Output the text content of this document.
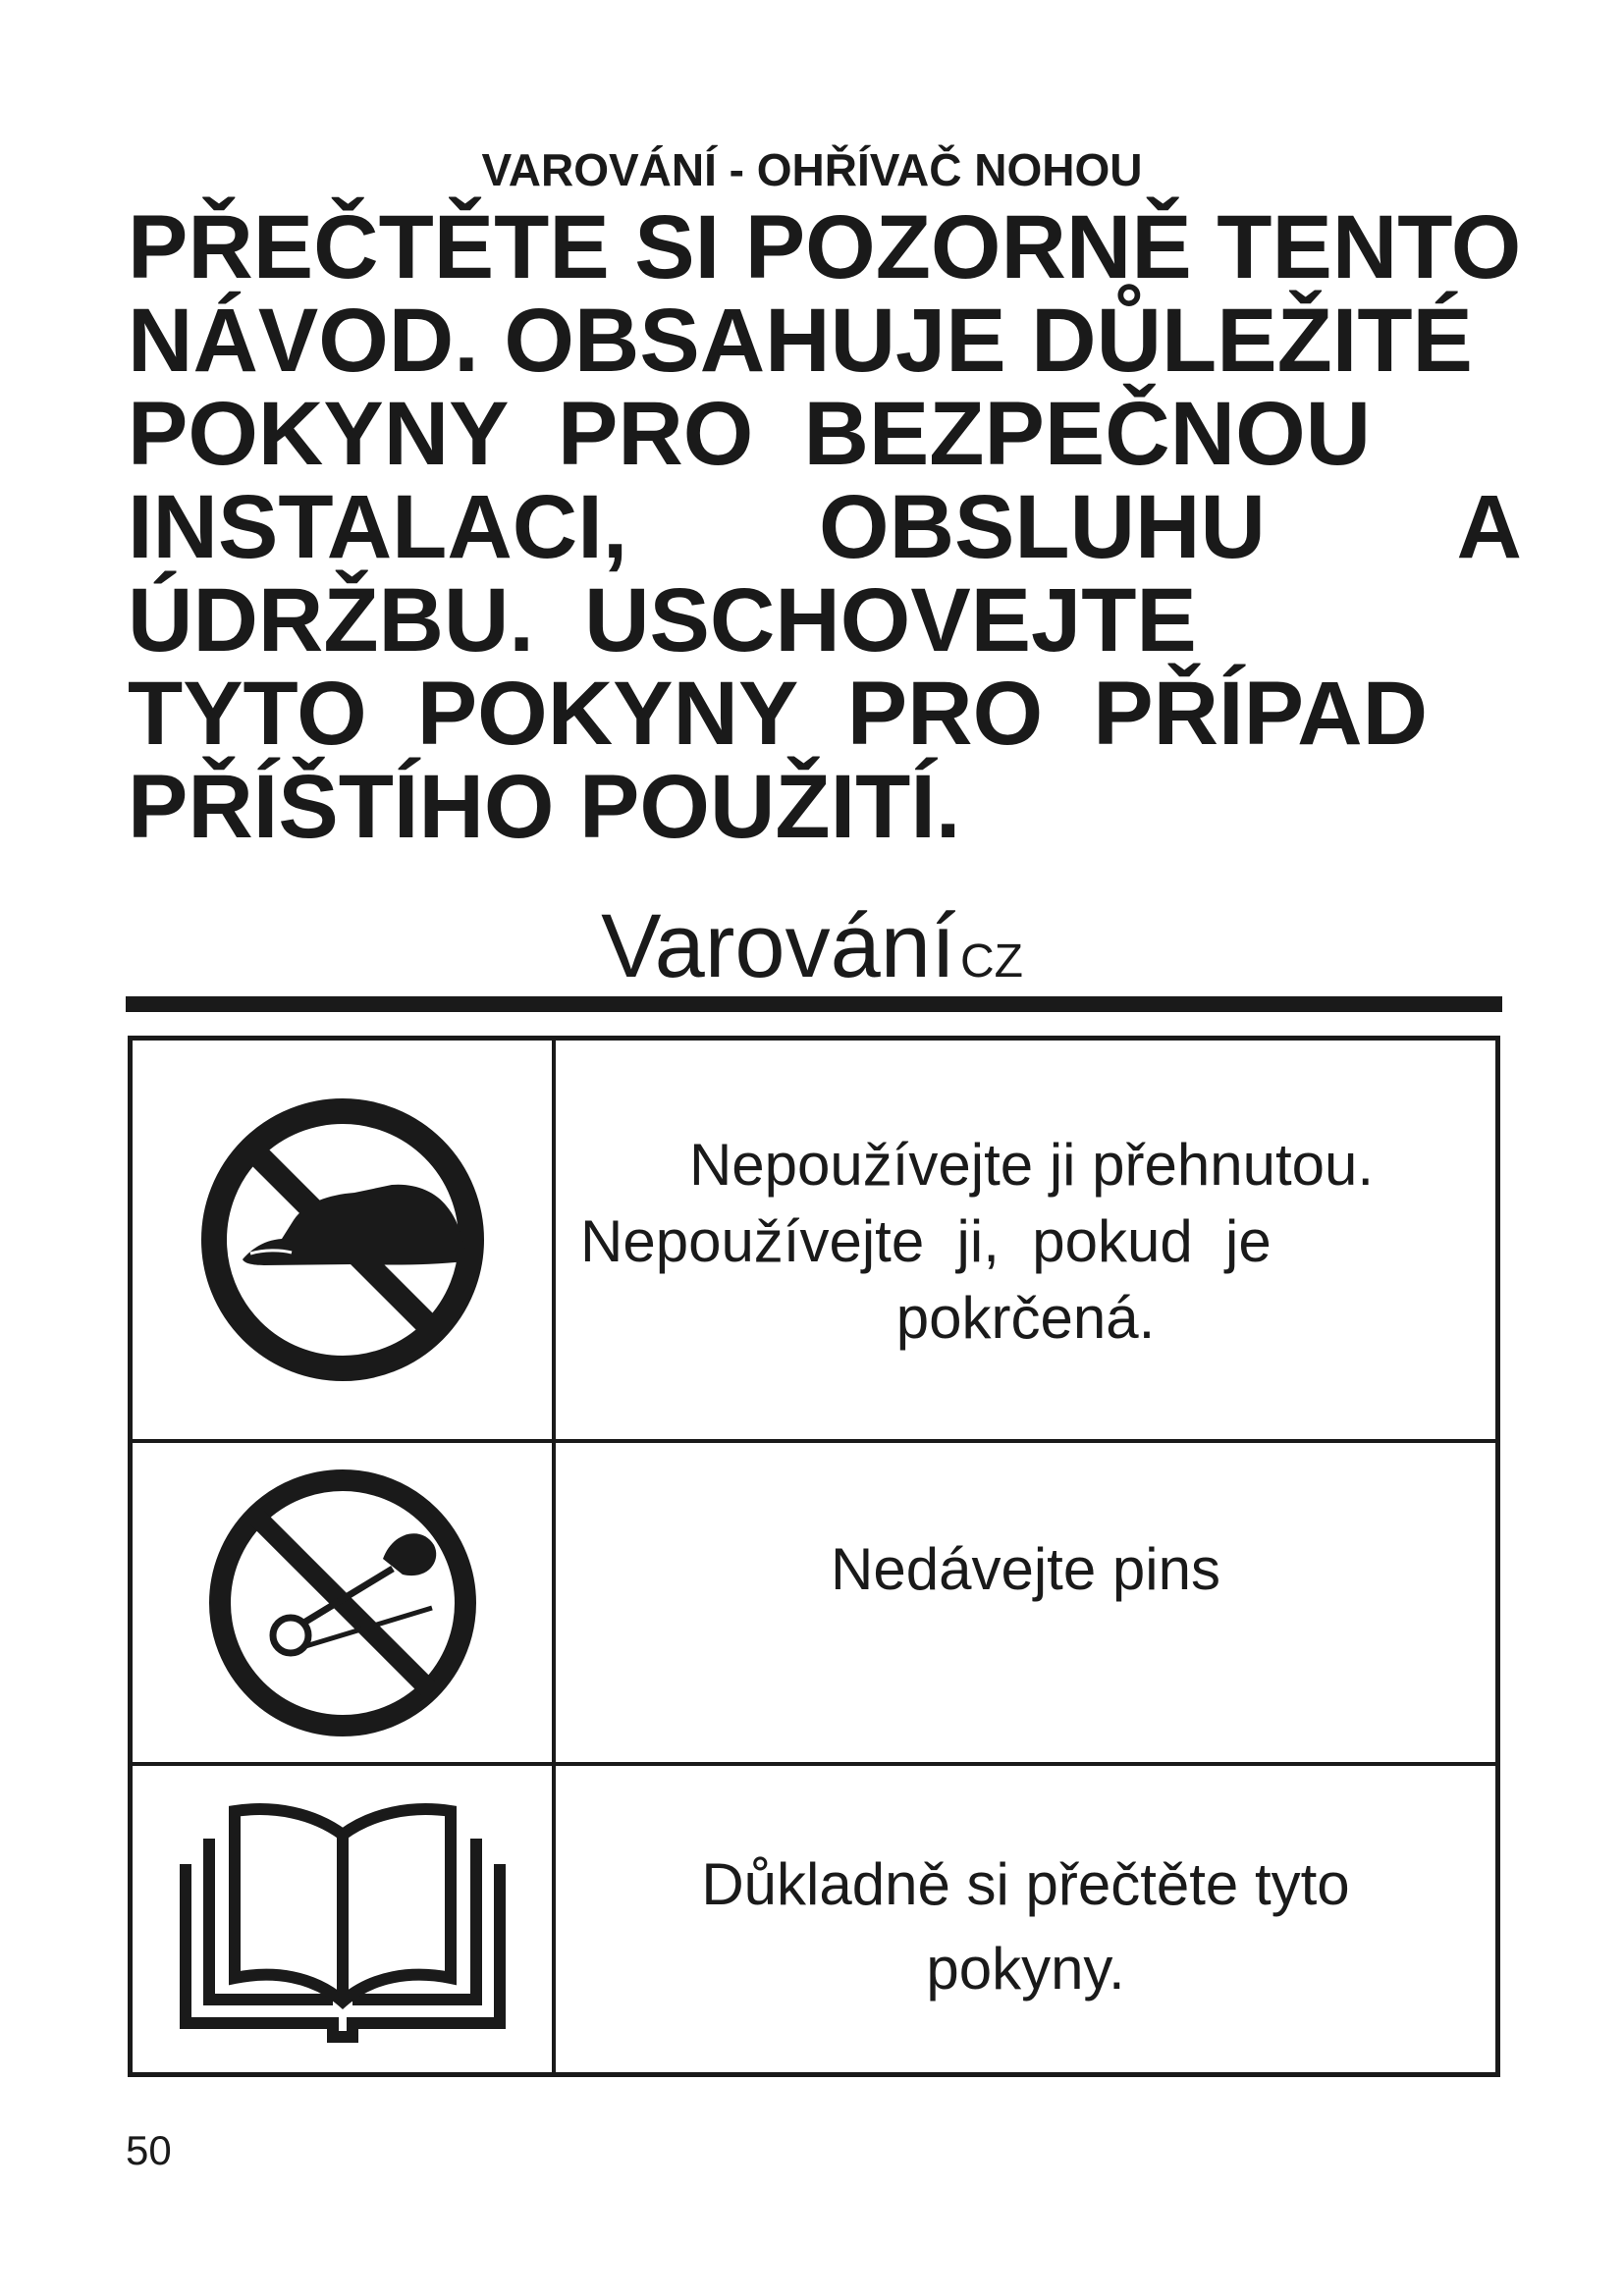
VAROVÁNÍ - OHŘÍVAČ NOHOU
PŘEČTĚTE SI POZORNĚ TENTO
NÁVOD. OBSAHUJE DŮLEŽITÉ
POKYNY  PRO  BEZPEČNOU
INSTALACI, OBSLUHU A
ÚDRŽBU.  USCHOVEJTE
TYTO  POKYNY  PRO  PŘÍPAD
PŘÍŠTÍHO POUŽITÍ.
Varování CZ
Nepoužívejte ji přehnutou.
Nepoužívejte  ji,  pokud  je
pokrčená.
Nedávejte pins
Důkladně si přečtěte tyto
pokyny.
50
